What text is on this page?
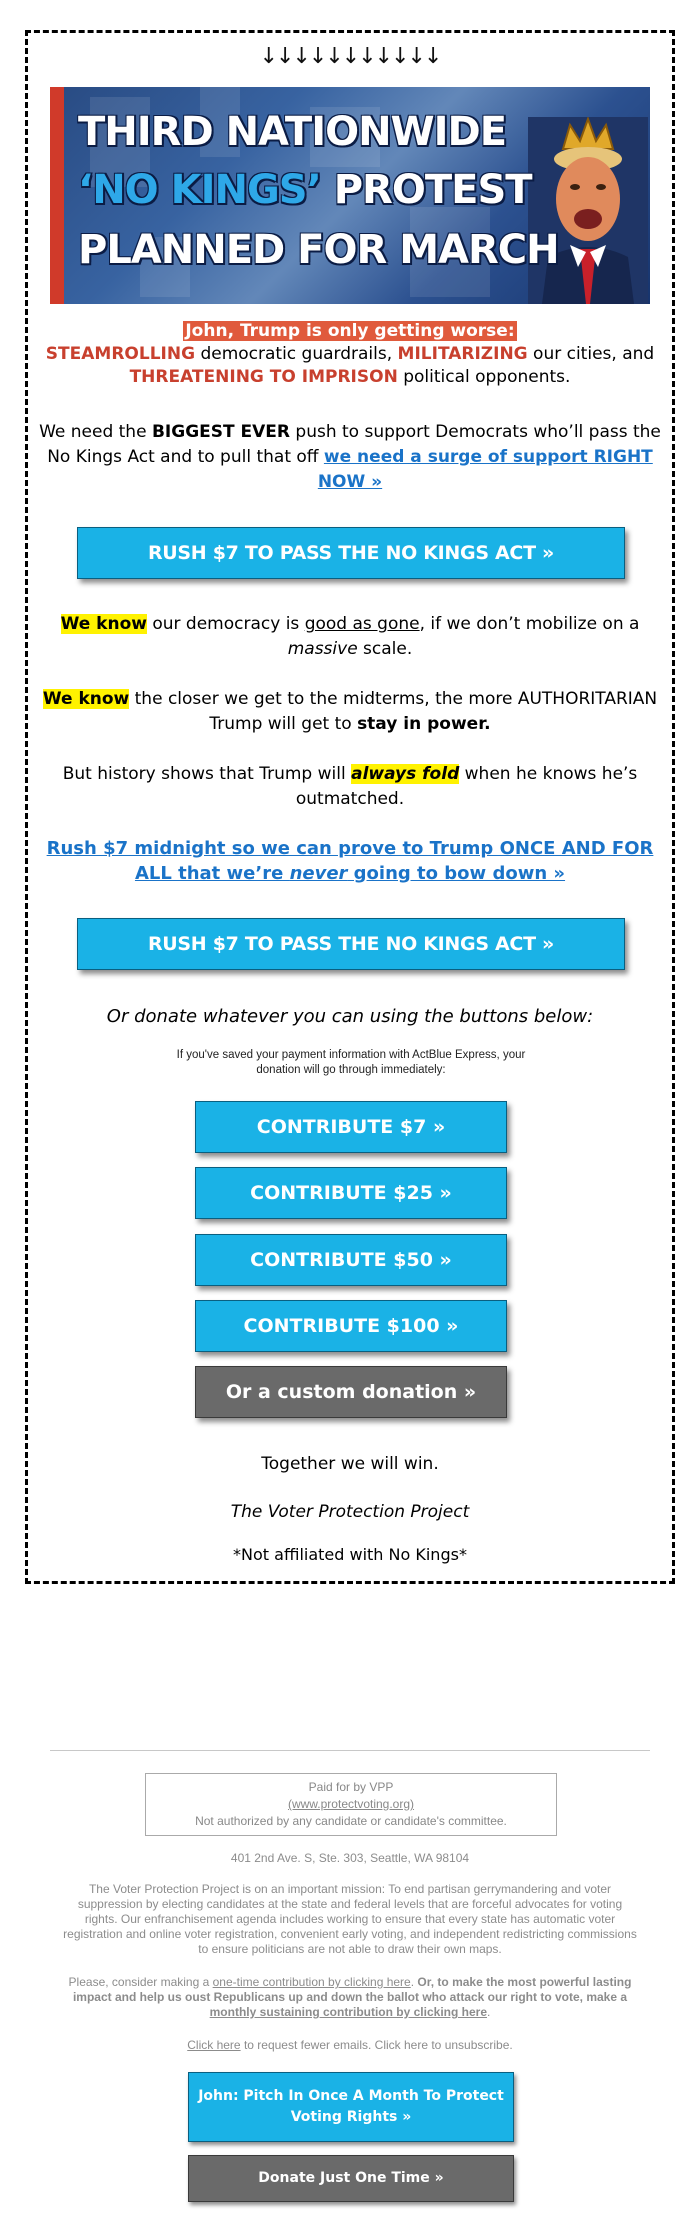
↓↓↓↓↓↓↓↓↓↓↓
THIRD NATIONWIDE
‘NO KINGS’ PROTEST
PLANNED FOR MARCH
John, Trump is only getting worse:
STEAMROLLING democratic guardrails, MILITARIZING our cities, and
THREATENING TO IMPRISON political opponents.
We need the BIGGEST EVER push to support Democrats who’ll pass the No Kings Act and to pull that off we need a surge of support RIGHT NOW »
RUSH $7 TO PASS THE NO KINGS ACT »
We know our democracy is good as gone, if we don’t mobilize on a massive scale.
We know the closer we get to the midterms, the more AUTHORITARIAN Trump will get to stay in power.
But history shows that Trump will always fold when he knows he’s outmatched.
Rush $7 midnight so we can prove to Trump ONCE AND FOR ALL that we’re never going to bow down »
RUSH $7 TO PASS THE NO KINGS ACT »
Or donate whatever you can using the buttons below:
If you've saved your payment information with ActBlue Express, your donation will go through immediately:
CONTRIBUTE $7 »
CONTRIBUTE $25 »
CONTRIBUTE $50 »
CONTRIBUTE $100 »
Or a custom donation »
Together we will win.
The Voter Protection Project
*Not affiliated with No Kings*
Paid for by VPP
(www.protectvoting.org)
Not authorized by any candidate or candidate's committee.
401 2nd Ave. S, Ste. 303, Seattle, WA 98104
The Voter Protection Project is on an important mission: To end partisan gerrymandering and voter suppression by electing candidates at the state and federal levels that are forceful advocates for voting rights. Our enfranchisement agenda includes working to ensure that every state has automatic voter registration and online voter registration, convenient early voting, and independent redistricting commissions to ensure politicians are not able to draw their own maps.
Please, consider making a one-time contribution by clicking here. Or, to make the most powerful lasting impact and help us oust Republicans up and down the ballot who attack our right to vote, make a monthly sustaining contribution by clicking here.
Click here to request fewer emails. Click here to unsubscribe.
John: Pitch In Once A Month To Protect Voting Rights »
Donate Just One Time »
